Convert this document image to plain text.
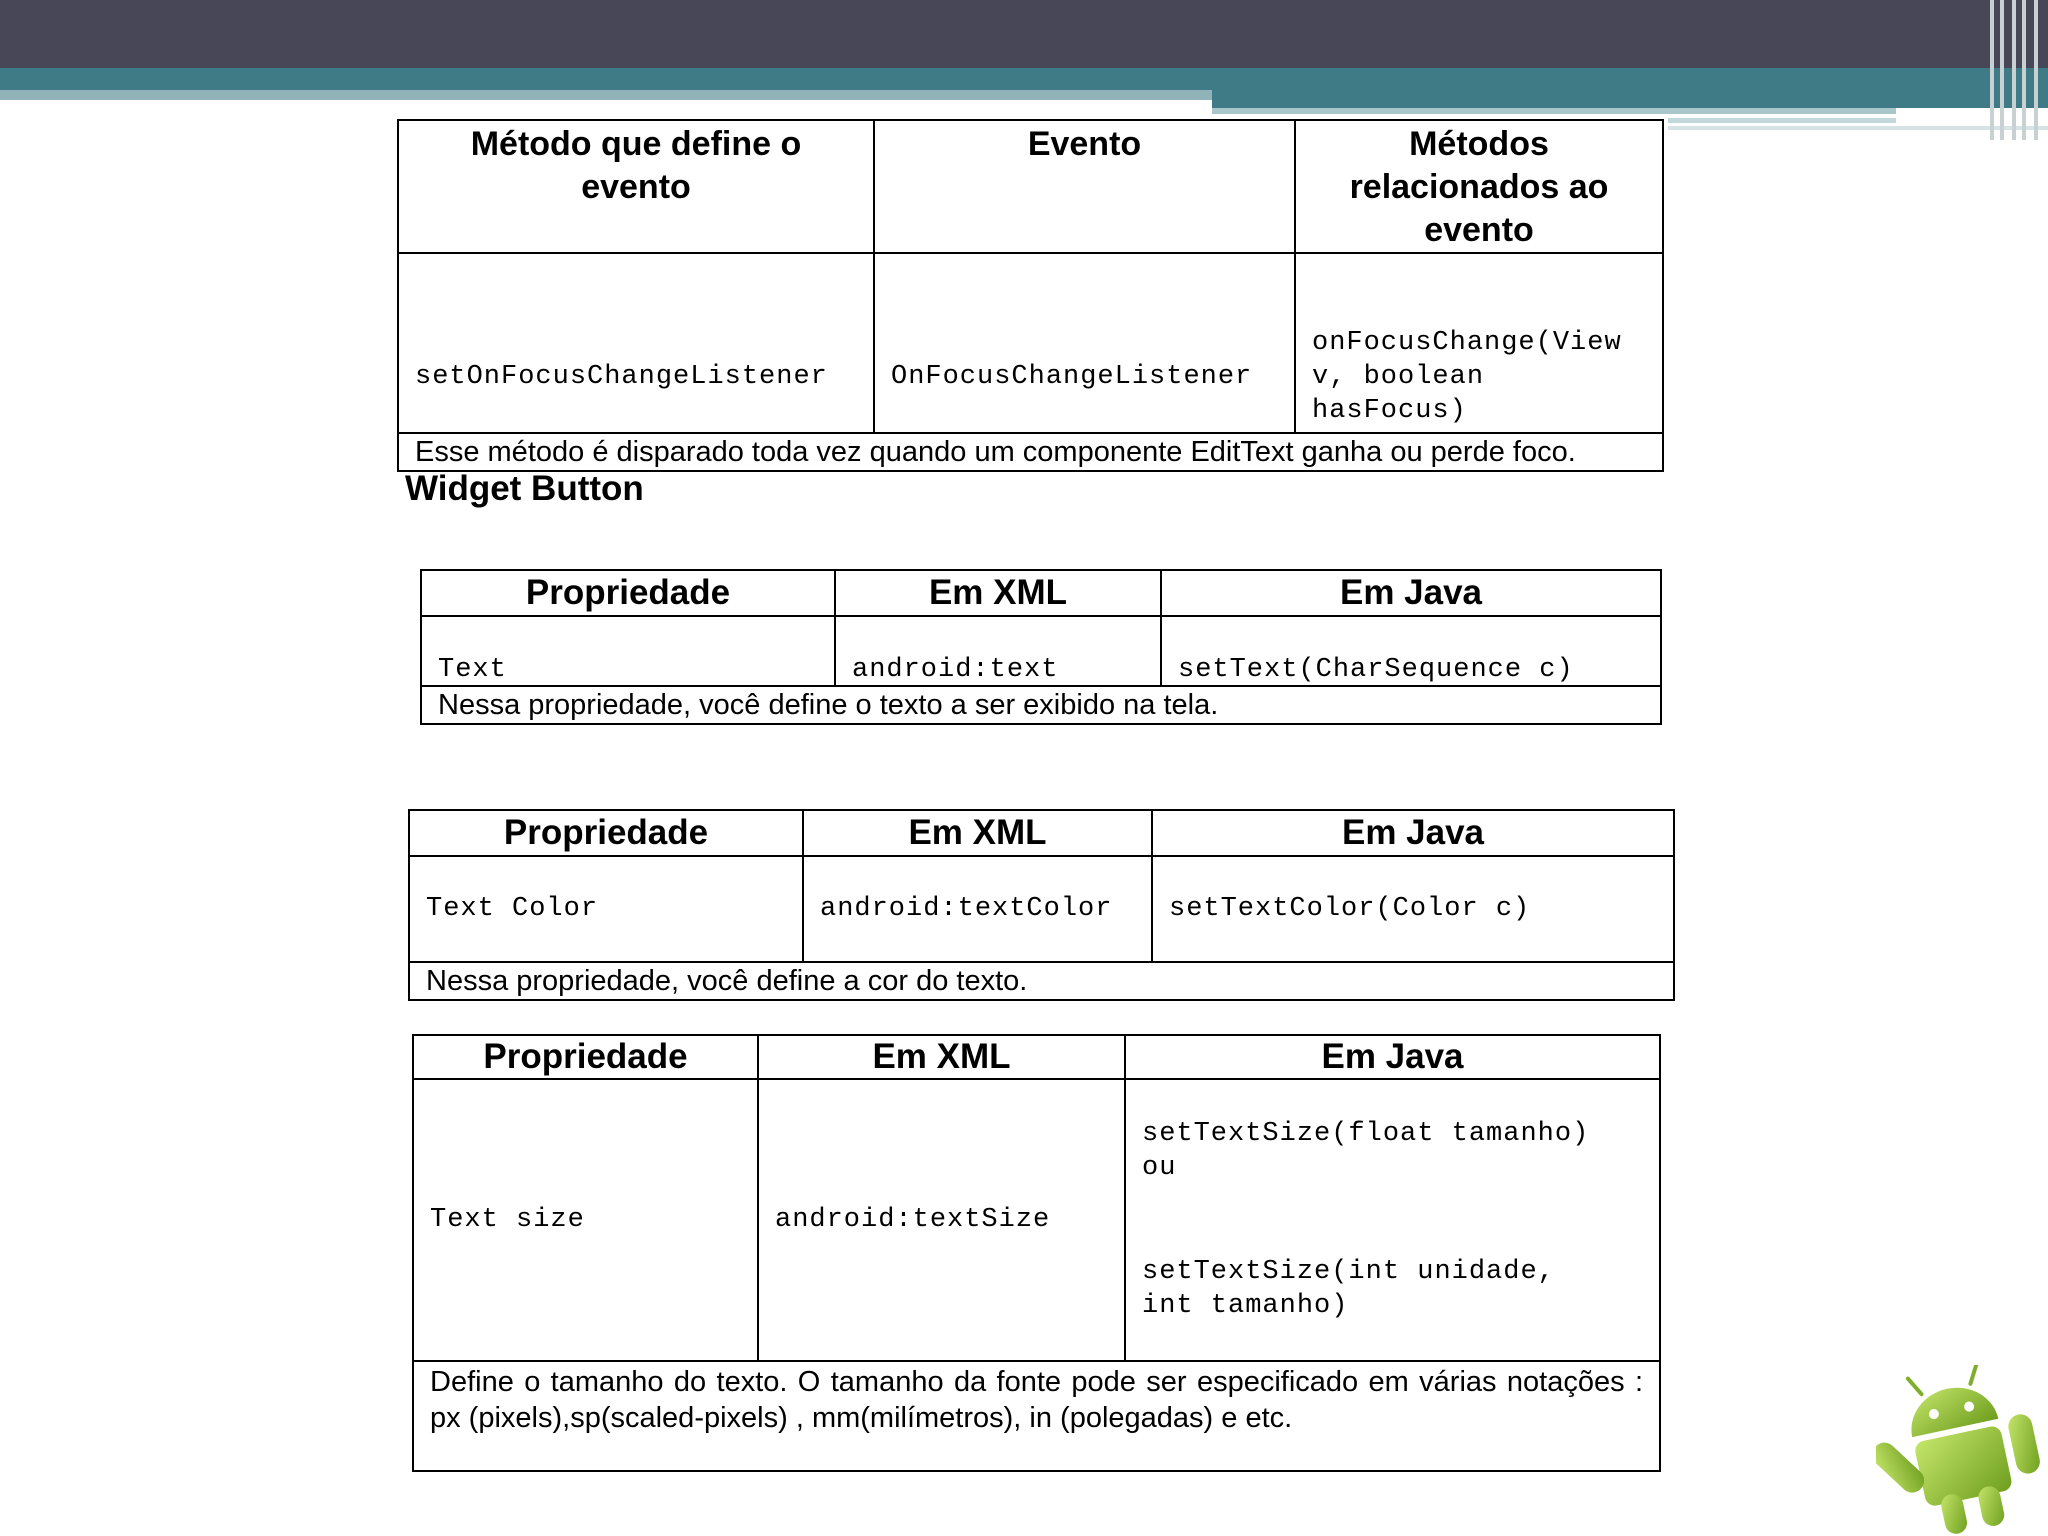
Método que define o evento	Evento	Métodos relacionados ao evento
setOnFocusChangeListener	OnFocusChangeListener	onFocusChange(View
v, boolean
hasFocus)

Esse método é disparado toda vez quando um componente EditText ganha ou perde foco.		
Widget Button
Propriedade	Em XML	Em Java
Text	android:text	setText(CharSequence c)
Nessa propriedade, você define o texto a ser exibido na tela.		
Propriedade	Em XML	Em Java
Text Color	android:textColor	setTextColor(Color c)
Nessa propriedade, você define a cor do texto.		
Propriedade	Em XML	Em Java
Text size	android:textSize	setTextSize(float tamanho)
ou
setTextSize(int unidade,
int tamanho)

Define o tamanho do texto. O tamanho da fonte pode ser especificado em várias notações : px (pixels),sp(scaled-pixels) , mm(milímetros), in (polegadas) e etc.		
